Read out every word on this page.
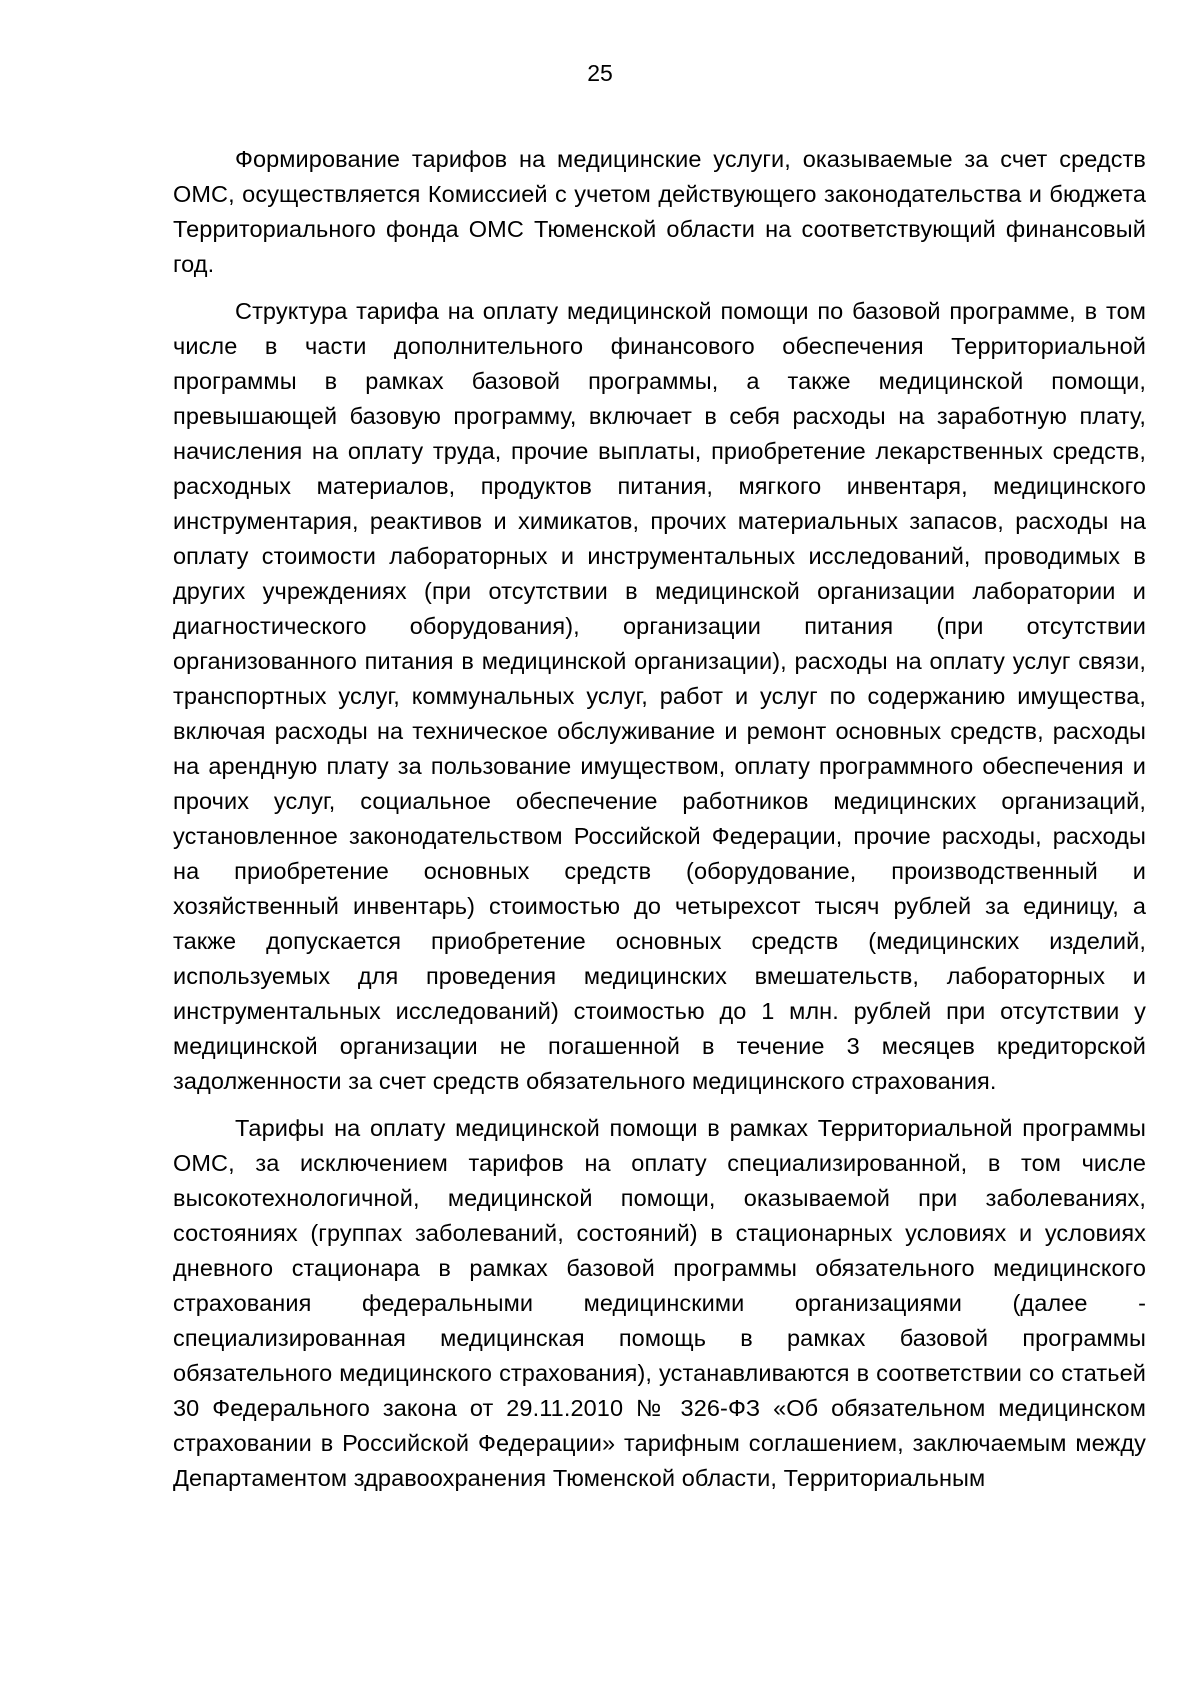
25

Формирование тарифов на медицинские услуги, оказываемые за счет средств ОМС, осуществляется Комиссией с учетом действующего законодательства и бюджета Территориального фонда ОМС Тюменской области на соответствующий финансовый год.

Структура тарифа на оплату медицинской помощи по базовой программе, в том числе в части дополнительного финансового обеспечения Территориальной программы в рамках базовой программы, а также медицинской помощи, превышающей базовую программу, включает в себя расходы на заработную плату, начисления на оплату труда, прочие выплаты, приобретение лекарственных средств, расходных материалов, продуктов питания, мягкого инвентаря, медицинского инструментария, реактивов и химикатов, прочих материальных запасов, расходы на оплату стоимости лабораторных и инструментальных исследований, проводимых в других учреждениях (при отсутствии в медицинской организации лаборатории и диагностического оборудования), организации питания (при отсутствии организованного питания в медицинской организации), расходы на оплату услуг связи, транспортных услуг, коммунальных услуг, работ и услуг по содержанию имущества, включая расходы на техническое обслуживание и ремонт основных средств, расходы на арендную плату за пользование имуществом, оплату программного обеспечения и прочих услуг, социальное обеспечение работников медицинских организаций, установленное законодательством Российской Федерации, прочие расходы, расходы на приобретение основных средств (оборудование, производственный и хозяйственный инвентарь) стоимостью до четырехсот тысяч рублей за единицу, а также допускается приобретение основных средств (медицинских изделий, используемых для проведения медицинских вмешательств, лабораторных и инструментальных исследований) стоимостью до 1 млн. рублей при отсутствии у медицинской организации не погашенной в течение 3 месяцев кредиторской задолженности за счет средств обязательного медицинского страхования.

Тарифы на оплату медицинской помощи в рамках Территориальной программы ОМС, за исключением тарифов на оплату специализированной, в том числе высокотехнологичной, медицинской помощи, оказываемой при заболеваниях, состояниях (группах заболеваний, состояний) в стационарных условиях и условиях дневного стационара в рамках базовой программы обязательного медицинского страхования федеральными медицинскими организациями (далее - специализированная медицинская помощь в рамках базовой программы обязательного медицинского страхования), устанавливаются в соответствии со статьей 30 Федерального закона от 29.11.2010 № 326-ФЗ «Об обязательном медицинском страховании в Российской Федерации» тарифным соглашением, заключаемым между Департаментом здравоохранения Тюменской области, Территориальным
